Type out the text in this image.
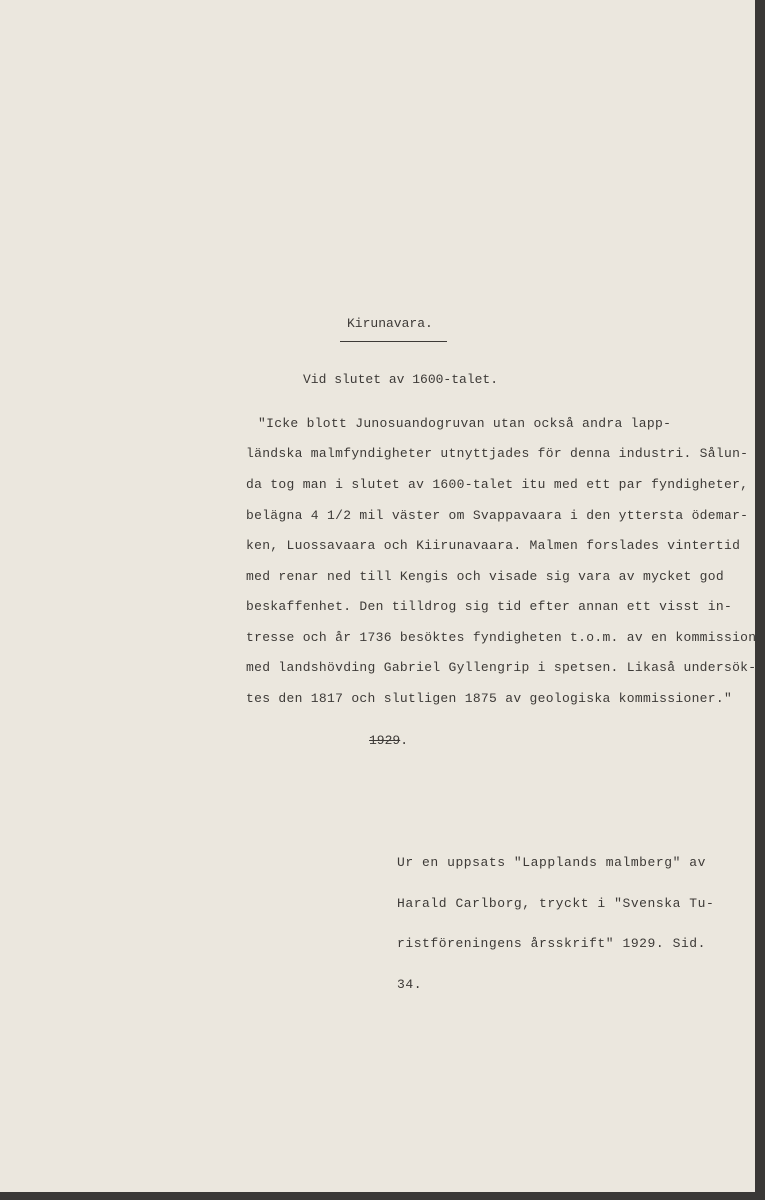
Kirunavara.
Vid slutet av 1600-talet.
"Icke blott Junosuandogruvan utan också andra lapp-
ländska malmfyndigheter utnyttjades för denna industri. Sålun-
da tog man i slutet av 1600-talet itu med ett par fyndigheter,
belägna 4 1/2 mil väster om Svappavaara i den yttersta ödemar-
ken, Luossavaara och Kiirunavaara. Malmen forslades vintertid
med renar ned till Kengis och visade sig vara av mycket god
beskaffenhet. Den tilldrog sig tid efter annan ett visst in-
tresse och år 1736 besöktes fyndigheten t.o.m. av en kommission
med landshövding Gabriel Gyllengrip i spetsen. Likaså undersök-
tes den 1817 och slutligen 1875 av geologiska kommissioner."
1929.

Ur en uppsats "Lapplands malmberg" av

Harald Carlborg, tryckt i "Svenska Tu-

ristföreningens årsskrift" 1929. Sid.

34.
